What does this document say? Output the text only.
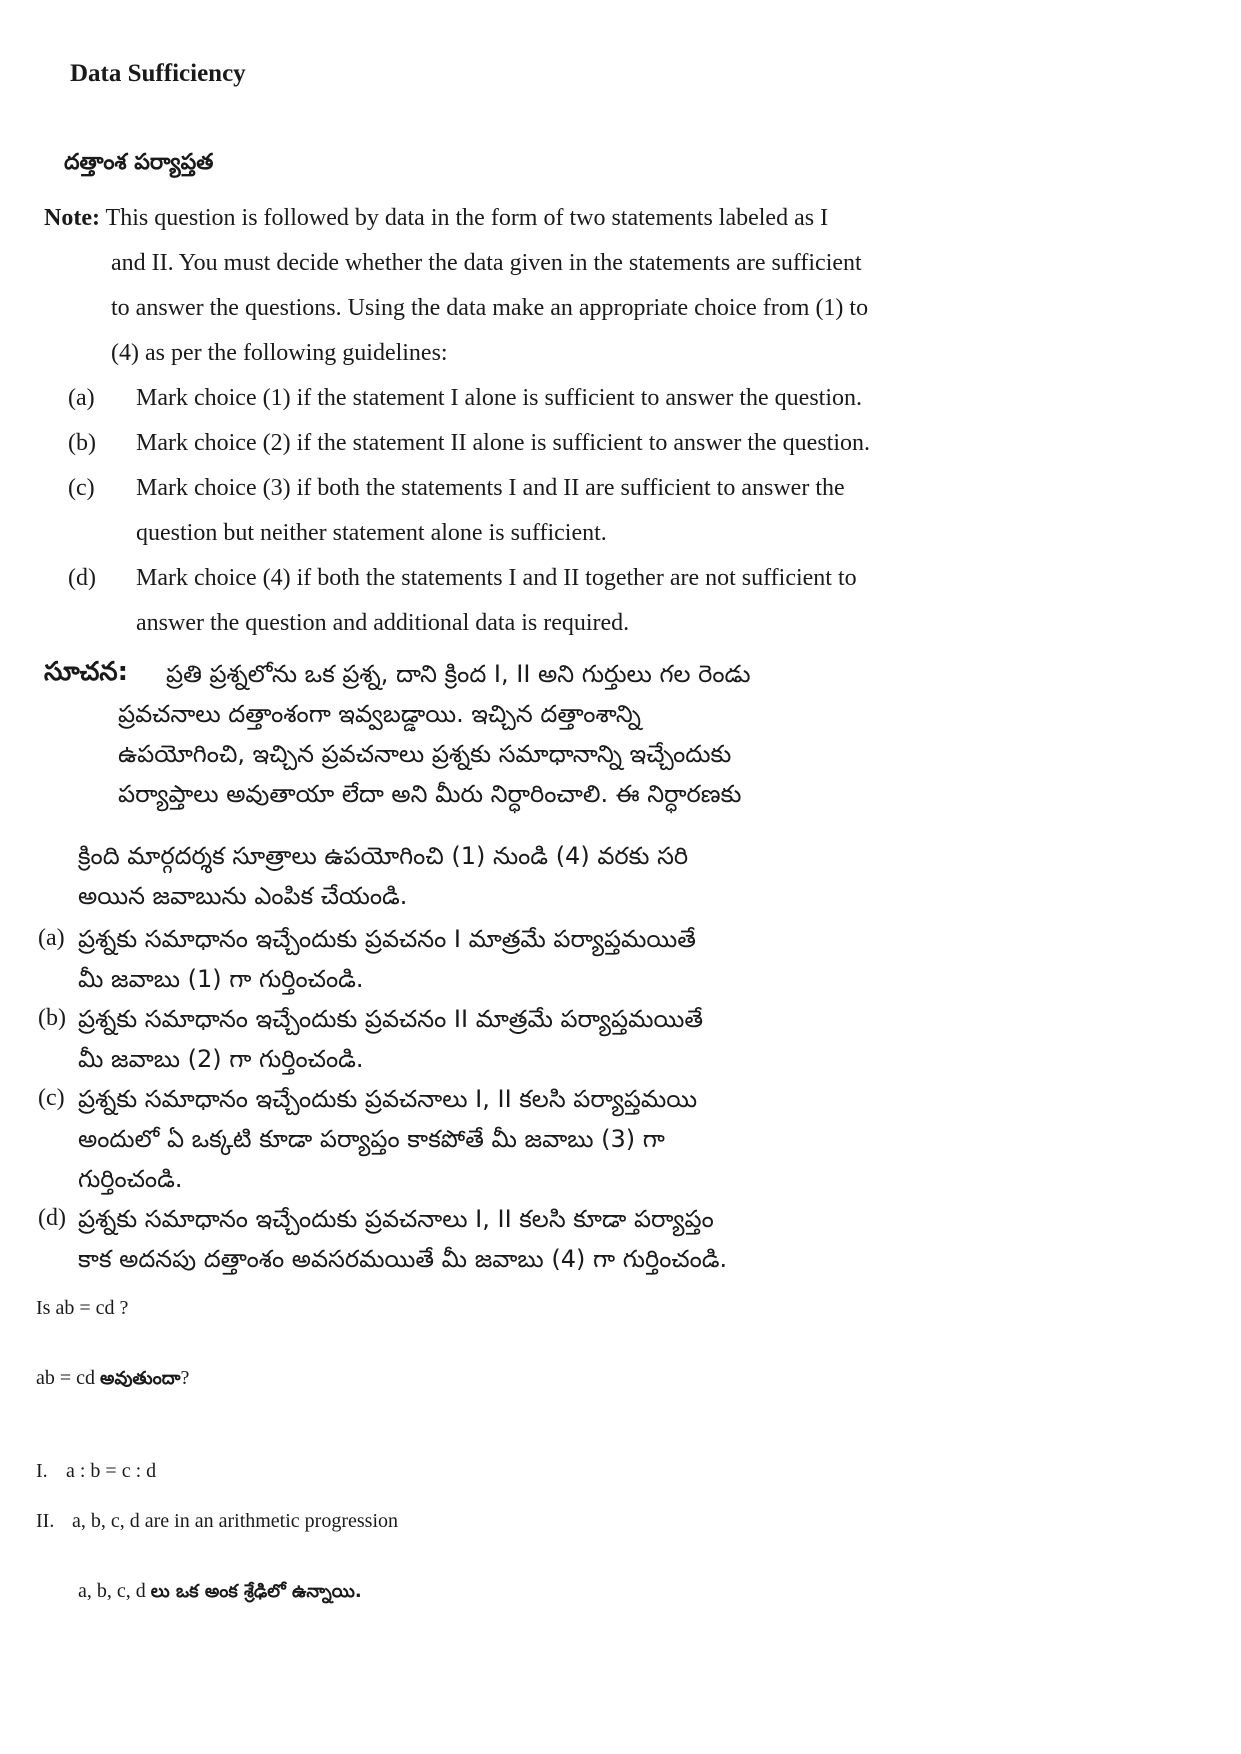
Data Sufficiency
దత్తాంశ పర్యాప్తత
Note: This question is followed by data in the form of two statements labeled as I
and II. You must decide whether the data given in the statements are sufficient
to answer the questions. Using the data make an appropriate choice from (1) to
(4) as per the following guidelines:
(a) Mark choice (1) if the statement I alone is sufficient to answer the question.
(b) Mark choice (2) if the statement II alone is sufficient to answer the question.
(c) Mark choice (3) if both the statements I and II are sufficient to answer the
question but neither statement alone is sufficient.
(d) Mark choice (4) if both the statements I and II together are not sufficient to
answer the question and additional data is required.
సూచన: ప్రతి ప్రశ్నలోను ఒక ప్రశ్న, దాని క్రింద I, II అని గుర్తులు గల రెండు
ప్రవచనాలు దత్తాంశంగా ఇవ్వబడ్డాయి. ఇచ్చిన దత్తాంశాన్ని
ఉపయోగించి, ఇచ్చిన ప్రవచనాలు ప్రశ్నకు సమాధానాన్ని ఇచ్చేందుకు
పర్యాప్తాలు అవుతాయా లేదా అని మీరు నిర్ధారించాలి. ఈ నిర్ధారణకు
క్రింది మార్గదర్శక సూత్రాలు ఉపయోగించి (1) నుండి (4) వరకు సరి
అయిన జవాబును ఎంపిక చేయండి.
(a) ప్రశ్నకు సమాధానం ఇచ్చేందుకు ప్రవచనం I మాత్రమే పర్యాప్తమయితే
మీ జవాబు (1) గా గుర్తించండి.
(b) ప్రశ్నకు సమాధానం ఇచ్చేందుకు ప్రవచనం II మాత్రమే పర్యాప్తమయితే
మీ జవాబు (2) గా గుర్తించండి.
(c) ప్రశ్నకు సమాధానం ఇచ్చేందుకు ప్రవచనాలు I, II కలసి పర్యాప్తమయి
అందులో ఏ ఒక్కటి కూడా పర్యాప్తం కాకపోతే మీ జవాబు (3) గా
గుర్తించండి.
(d) ప్రశ్నకు సమాధానం ఇచ్చేందుకు ప్రవచనాలు I, II కలసి కూడా పర్యాప్తం
కాక అదనపు దత్తాంశం అవసరమయితే మీ జవాబు (4) గా గుర్తించండి.
Is ab = cd ?
ab = cd అవుతుందా?
I. a : b = c : d
II. a, b, c, d are in an arithmetic progression
a, b, c, d లు ఒక అంక శ్రేఢిలో ఉన్నాయి.
